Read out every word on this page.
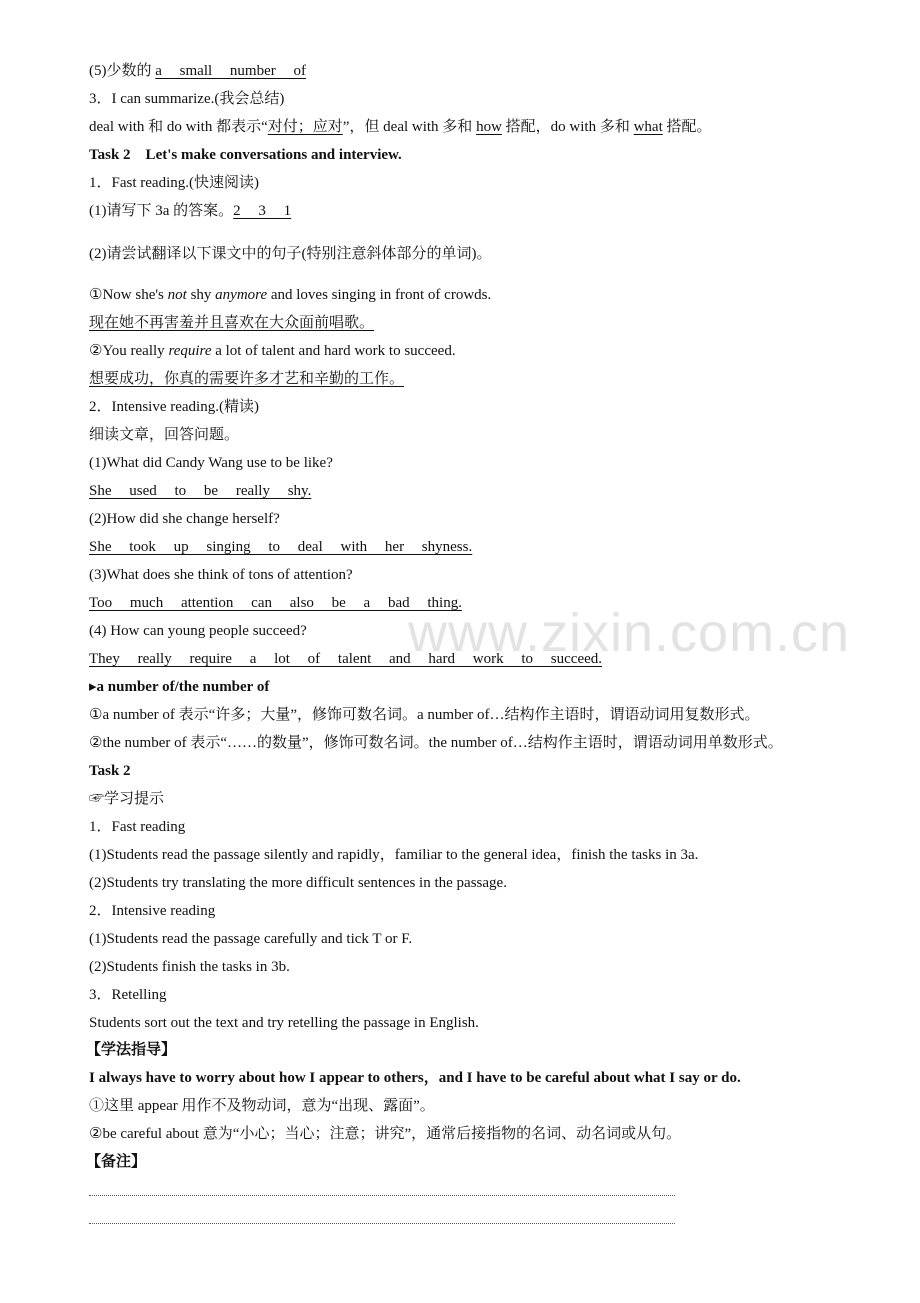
www.zixin.com.cn
(5)少数的 a small number of
3．I can summarize.(我会总结)
deal with 和 do with 都表示“对付；应对”，但 deal with 多和 how 搭配，do with 多和 what 搭配。
Task 2　Let's make conversations and interview.
1．Fast reading.(快速阅读)
(1)请写下 3a 的答案。2 3 1
(2)请尝试翻译以下课文中的句子(特别注意斜体部分的单词)。
①Now she's not shy anymore and loves singing in front of crowds.
现在她不再害羞并且喜欢在大众面前唱歌。
②You really require a lot of talent and hard work to succeed.
想要成功，你真的需要许多才艺和辛勤的工作。
2．Intensive reading.(精读)
细读文章，回答问题。
(1)What did Candy Wang use to be like?
She used to be really shy.
(2)How did she change herself?
She took up singing to deal with her shyness.
(3)What does she think of tons of attention?
Too much attention can also be a bad thing.
(4) How can young people succeed?
They really require a lot of talent and hard work to succeed.
▸a number of/the number of
①a number of 表示“许多；大量”，修饰可数名词。a number of…结构作主语时，谓语动词用复数形式。
②the number of 表示“……的数量”，修饰可数名词。the number of…结构作主语时，谓语动词用单数形式。
Task 2
☞学习提示
1．Fast reading
(1)Students read the passage silently and rapidly，familiar to the general idea，finish the tasks in 3a.
(2)Students try translating the more difficult sentences in the passage.
2．Intensive reading
(1)Students read the passage carefully and tick T or F.
(2)Students finish the tasks in 3b.
3．Retelling
Students sort out the text and try retelling the passage in English.
【学法指导】
I always have to worry about how I appear to others，and I have to be careful about what I say or do.
①这里 appear 用作不及物动词，意为“出现、露面”。
②be careful about 意为“小心；当心；注意；讲究”，通常后接指物的名词、动名词或从句。
【备注】
